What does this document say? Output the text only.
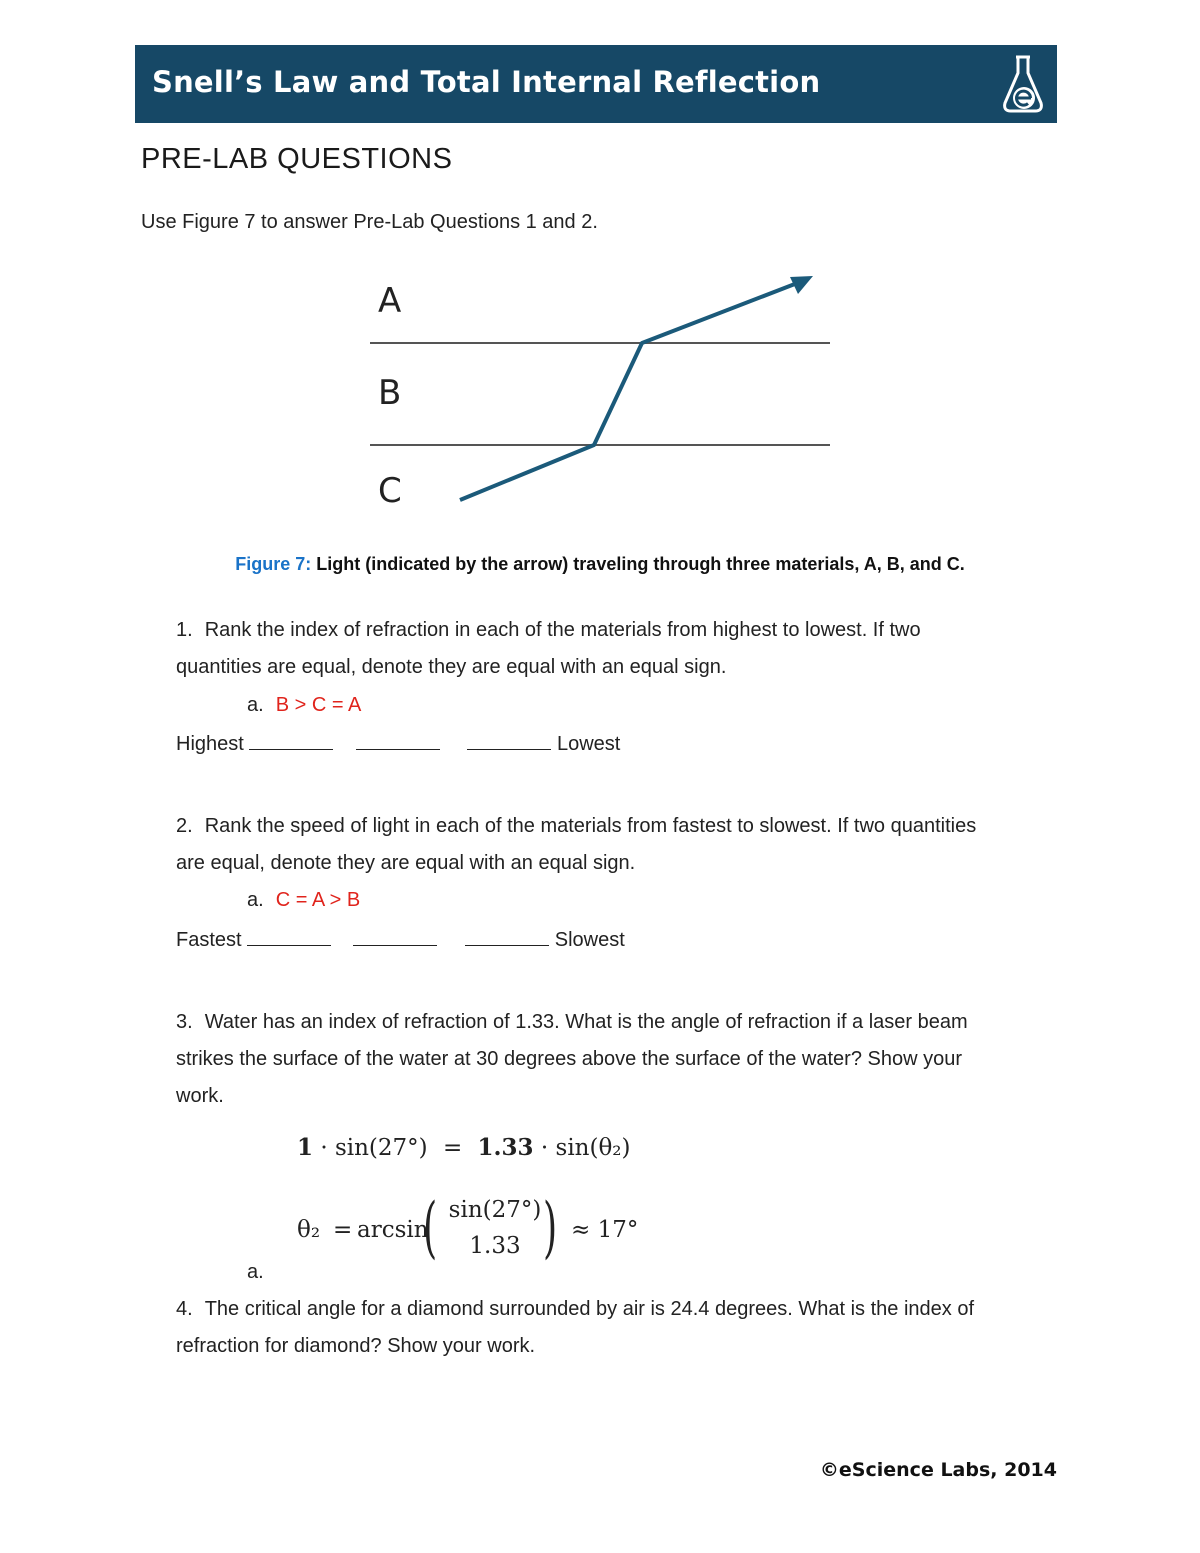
Snell’s Law and Total Internal Reflection
PRE-LAB QUESTIONS
Use Figure 7 to answer Pre-Lab Questions 1 and 2.
A
B
C
Figure 7: Light (indicated by the arrow) traveling through three materials, A, B, and C.
1. Rank the index of refraction in each of the materials from highest to lowest. If two
quantities are equal, denote they are equal with an equal sign.
a. B > C = A
Highest	Lowest
2. Rank the speed of light in each of the materials from fastest to slowest. If two quantities
are equal, denote they are equal with an equal sign.
a. C = A > B
Fastest	Slowest
3. Water has an index of refraction of 1.33. What is the angle of refraction if a laser beam
strikes the surface of the water at 30 degrees above the surface of the water? Show your
work.
1 · sin(27°) = 1.33 · sin(θ₂)
θ₂ = arcsin
( sin(27°)
1.33 ) ≈ 17°
a.
4. The critical angle for a diamond surrounded by air is 24.4 degrees. What is the index of
refraction for diamond? Show your work.
©eScience Labs, 2014
